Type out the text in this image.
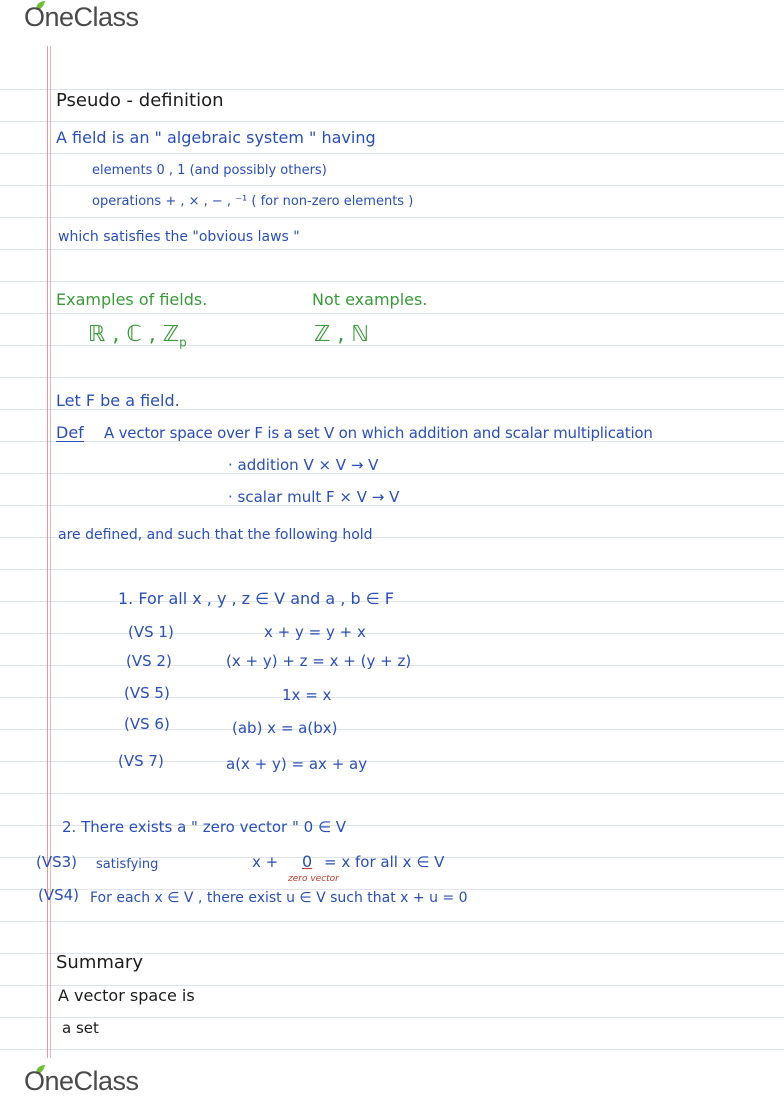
OneClass
Pseudo - definition
A field is an " algebraic system " having
elements 0 , 1 (and possibly others)
operations + , × , − , ⁻¹ ( for non-zero elements )
which satisfies the "obvious laws "
Examples of fields.
ℝ , ℂ , ℤ$_p$
Not examples.
ℤ , ℕ
Let F be a field.
Def A vector space over F is a set V on which addition and scalar multiplication
· addition V × V → V
· scalar mult F × V → V
are defined, and such that the following hold
1. For all x , y , z ∈ V and a , b ∈ F
(VS 1)	x + y = y + x
(VS 2)	(x + y) + z = x + (y + z)
(VS 5)	1x = x
(VS 6)	(ab) x = a(bx)
(VS 7)	a(x + y) = ax + ay
2. There exists a " zero vector " 0 ∈ V
(VS3) satisfying	x + 0 = x for all x ∈ V
zero vector
(VS4) For each x ∈ V , there exist u ∈ V such that x + u = 0
Summary
A vector space is
a set
OneClass
